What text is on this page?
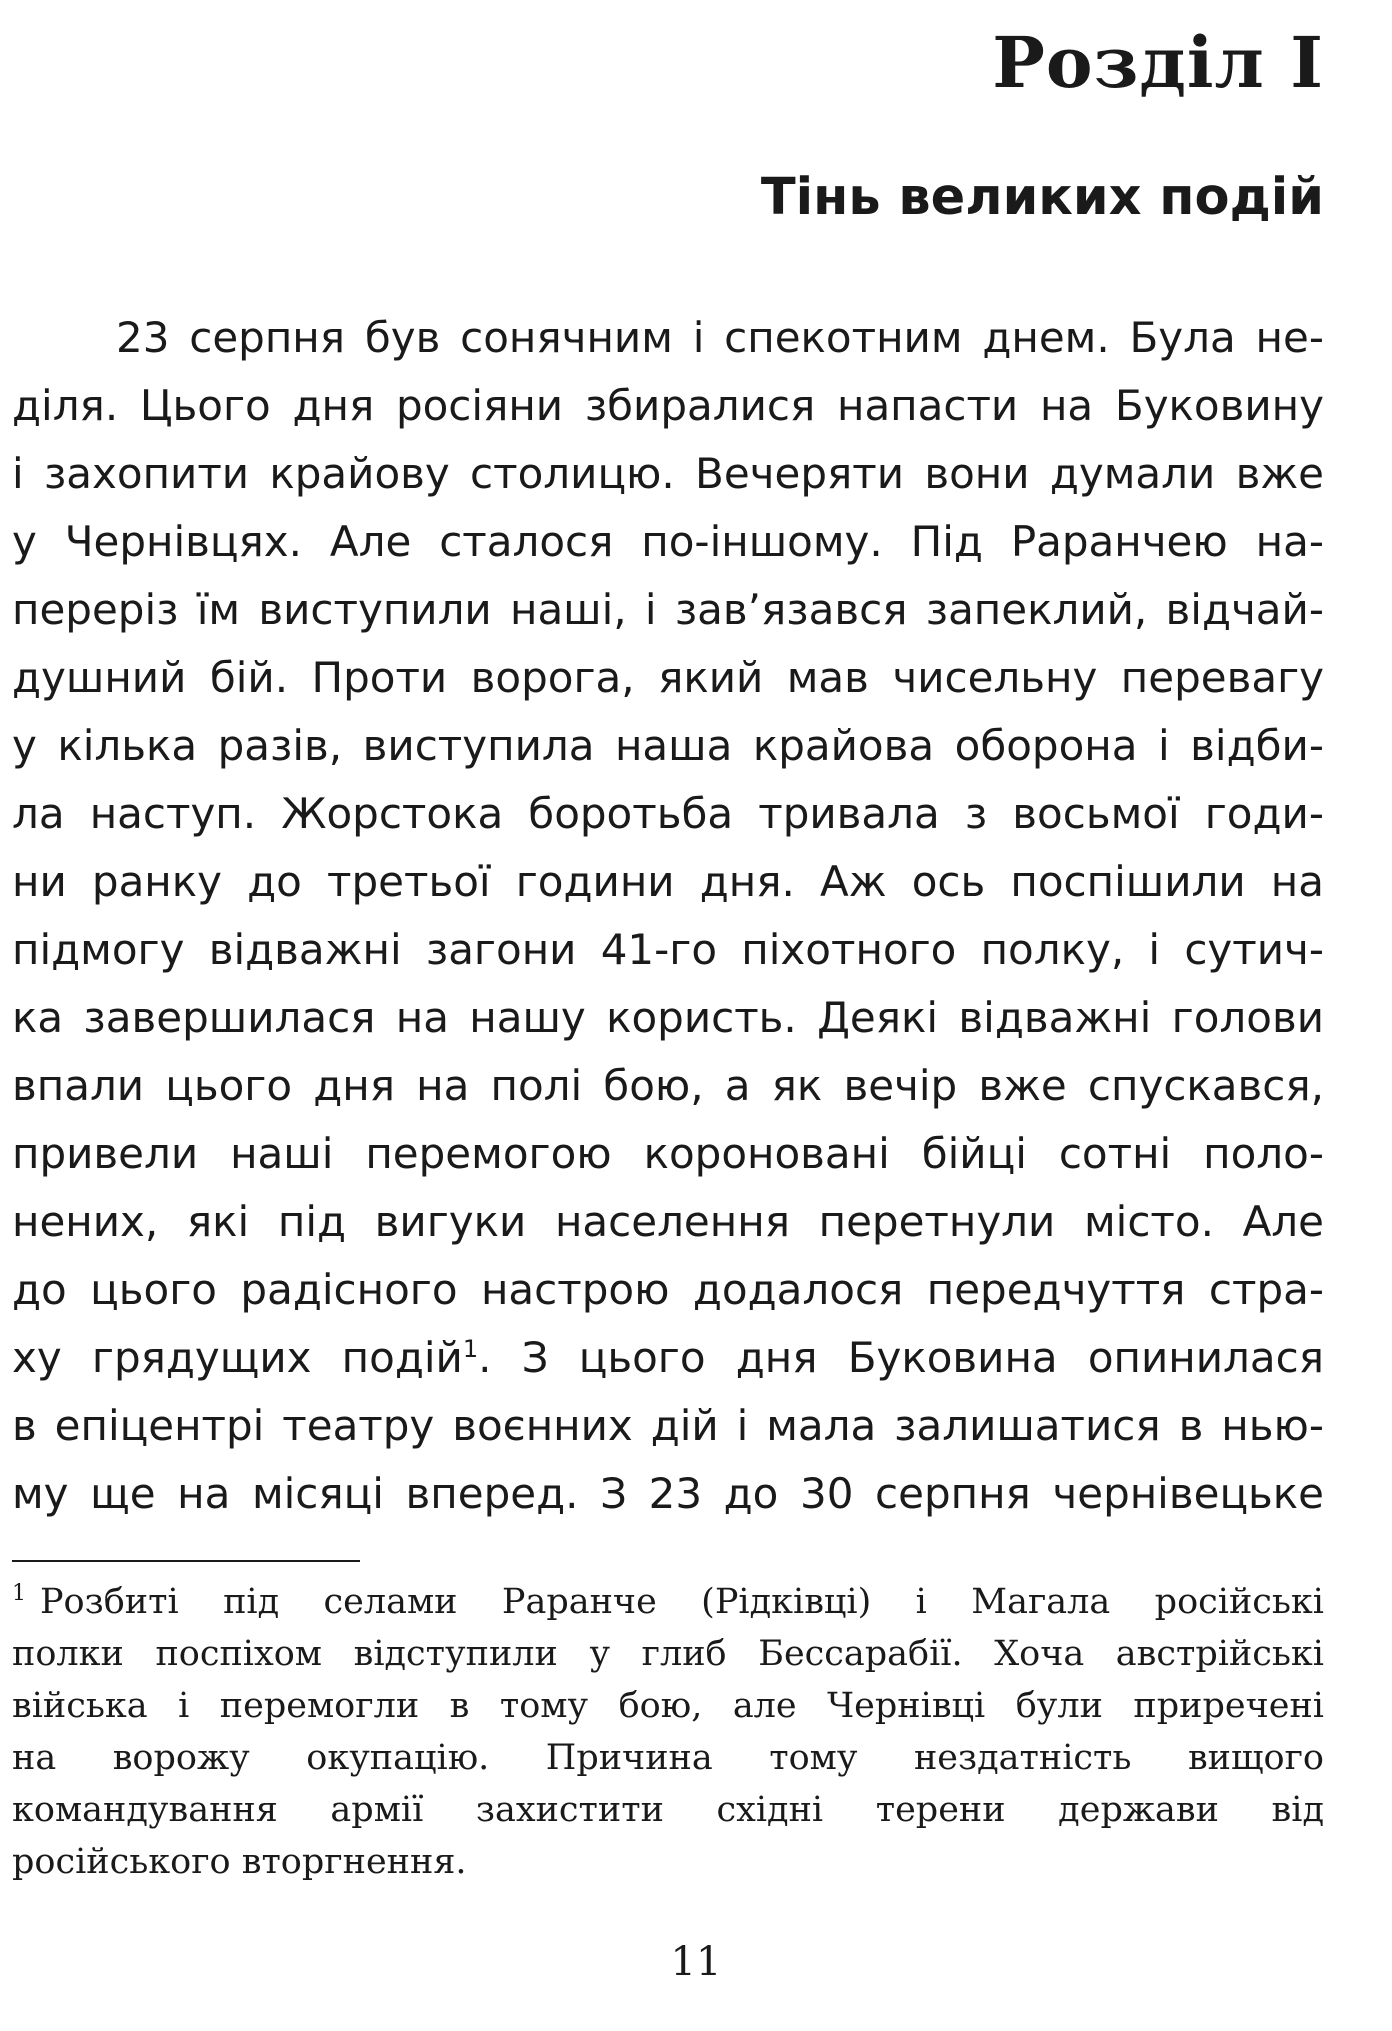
Розділ I
Тінь великих подій
23 серпня був сонячним і спекотним днем. Була не-
діля. Цього дня росіяни збиралися напасти на Буковину
і захопити крайову столицю. Вечеряти вони думали вже
у Чернівцях. Але сталося по-іншому. Під Раранчею на-
переріз їм виступили наші, і зав’язався запеклий, відчай-
душний бій. Проти ворога, який мав чисельну перевагу
у кілька разів, виступила наша крайова оборона і відби-
ла наступ. Жорстока боротьба тривала з восьмої годи-
ни ранку до третьої години дня. Аж ось поспішили на
підмогу відважні загони 41-го піхотного полку, і сутич-
ка завершилася на нашу користь. Деякі відважні голови
впали цього дня на полі бою, а як вечір вже спускався,
привели наші перемогою короновані бійці сотні поло-
нених, які під вигуки населення перетнули місто. Але
до цього радісного настрою додалося передчуття стра-
ху грядущих подій$^1$. З цього дня Буковина опинилася
в епіцентрі театру воєнних дій і мала залишатися в нью-
му ще на місяці вперед. З 23 до 30 серпня чернівецьке
$^1$ Розбиті під селами Раранче (Рідківці) і Магала російські
полки поспіхом відступили у глиб Бессарабії. Хоча австрійські
війська і перемогли в тому бою, але Чернівці були приречені
на ворожу окупацію. Причина тому нездатність вищого
командування армії захистити східні терени держави від
російського вторгнення.
11
